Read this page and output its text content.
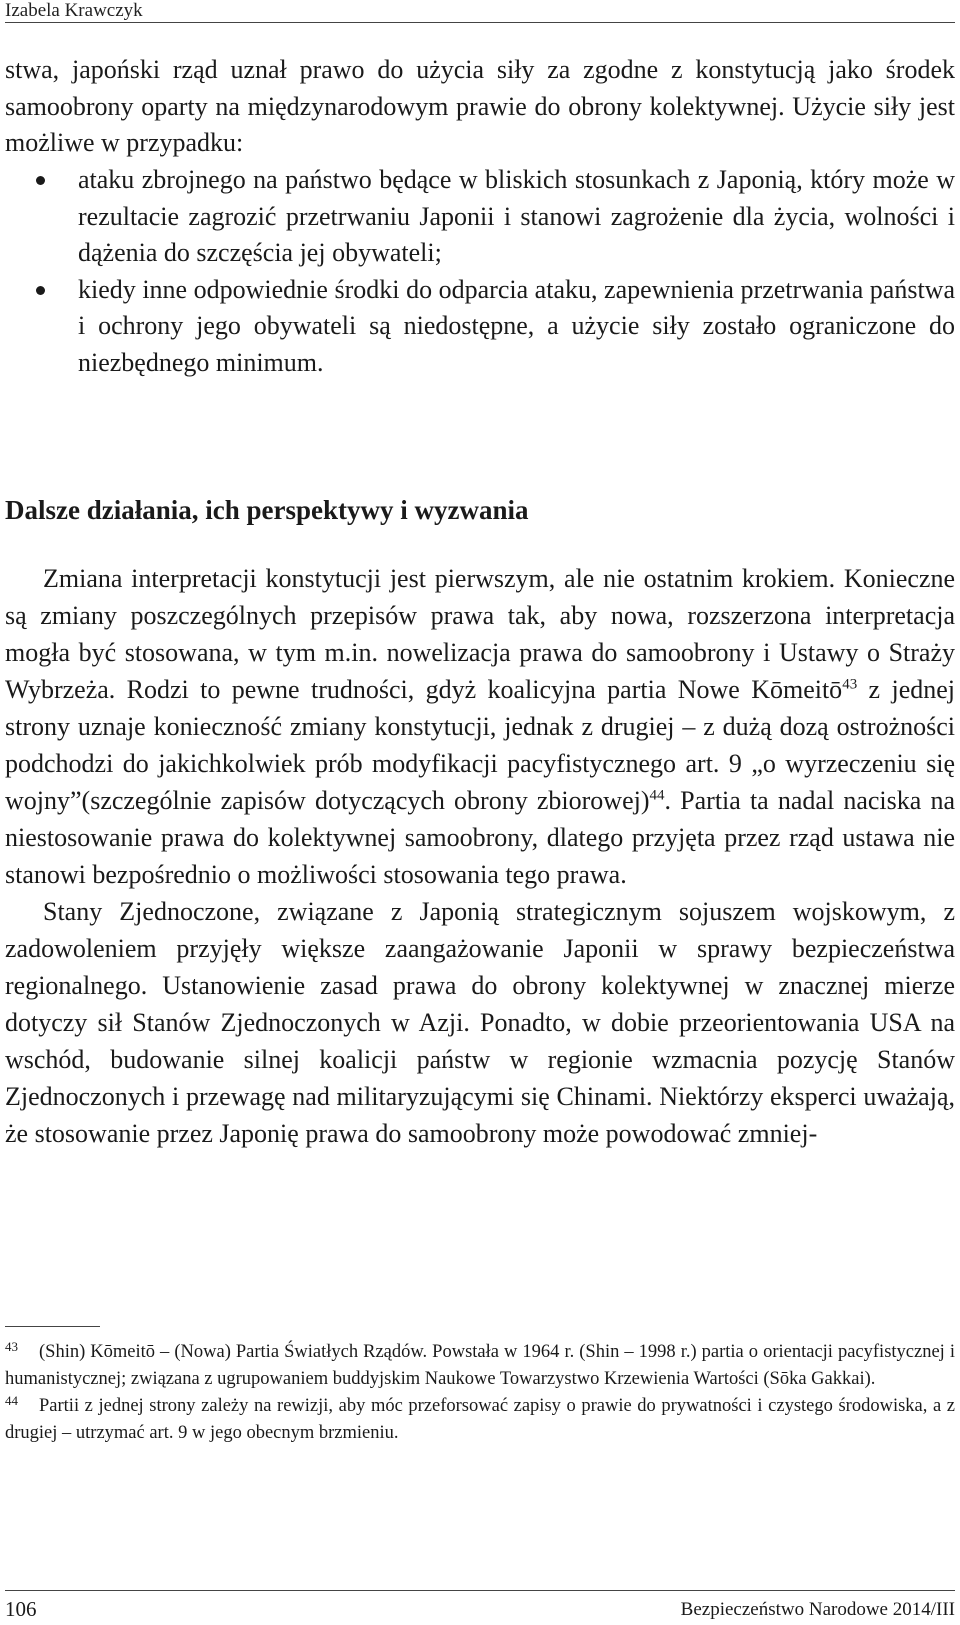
Izabela Krawczyk

stwa, japoński rząd uznał prawo do użycia siły za zgodne z konstytucją jako środek samoobrony oparty na międzynarodowym prawie do obrony kolektywnej. Użycie siły jest możliwe w przypadku:

ataku zbrojnego na państwo będące w bliskich stosunkach z Japonią, który może w rezultacie zagrozić przetrwaniu Japonii i stanowi zagrożenie dla życia, wolności i dążenia do szczęścia jej obywateli;
kiedy inne odpowiednie środki do odparcia ataku, zapewnienia przetrwania państwa i ochrony jego obywateli są niedostępne, a użycie siły zostało ograniczone do niezbędnego minimum.
Dalsze działania, ich perspektywy i wyzwania

Zmiana interpretacji konstytucji jest pierwszym, ale nie ostatnim krokiem. Konieczne są zmiany poszczególnych przepisów prawa tak, aby nowa, rozszerzona interpretacja mogła być stosowana, w tym m.in. nowelizacja prawa do samoobrony i Ustawy o Straży Wybrzeża. Rodzi to pewne trudności, gdyż koalicyjna partia Nowe Kōmeitō$^{43}$ z jednej strony uznaje konieczność zmiany konstytucji, jednak z drugiej – z dużą dozą ostrożności podchodzi do jakichkolwiek prób modyfikacji pacyfistycznego art. 9 „o wyrzeczeniu się wojny”(szczególnie zapisów dotyczących obrony zbiorowej)$^{44}$. Partia ta nadal naciska na niestosowanie prawa do kolektywnej samoobrony, dlatego przyjęta przez rząd ustawa nie stanowi bezpośrednio o możliwości stosowania tego prawa.

Stany Zjednoczone, związane z Japonią strategicznym sojuszem wojskowym, z zadowoleniem przyjęły większe zaangażowanie Japonii w sprawy bezpieczeństwa regionalnego. Ustanowienie zasad prawa do obrony kolektywnej w znacznej mierze dotyczy sił Stanów Zjednoczonych w Azji. Ponadto, w dobie przeorientowania USA na wschód, budowanie silnej koalicji państw w regionie wzmacnia pozycję Stanów Zjednoczonych i przewagę nad militaryzującymi się Chinami. Niektórzy eksperci uważają, że stosowanie przez Japonię prawa do samoobrony może powodować zmniej-

43 (Shin) Kōmeitō – (Nowa) Partia Światłych Rządów. Powstała w 1964 r. (Shin – 1998 r.) partia o orientacji pacyfistycznej i humanistycznej; związana z ugrupowaniem buddyjskim Naukowe Towarzystwo Krzewienia Wartości (Sōka Gakkai).

44 Partii z jednej strony zależy na rewizji, aby móc przeforsować zapisy o prawie do prywatności i czystego środowiska, a z drugiej – utrzymać art. 9 w jego obecnym brzmieniu.

106	Bezpieczeństwo Narodowe 2014/III
